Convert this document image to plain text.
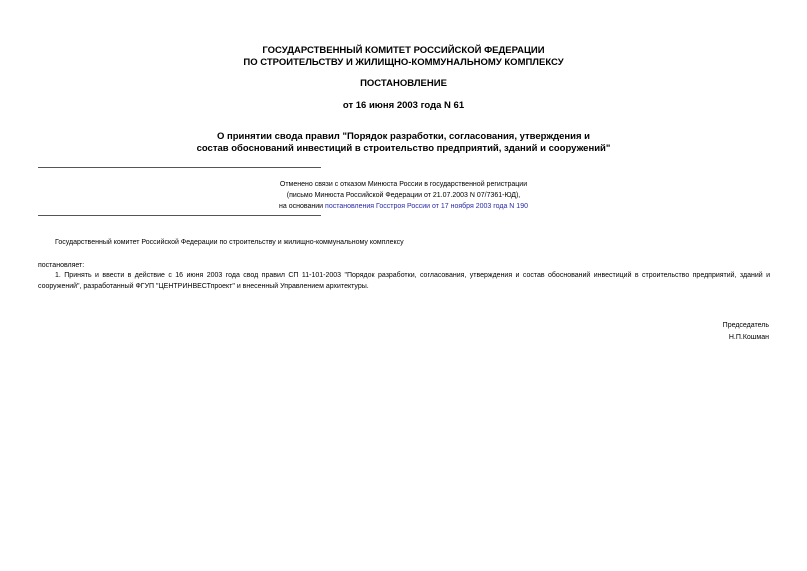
ГОСУДАРСТВЕННЫЙ КОМИТЕТ РОССИЙСКОЙ ФЕДЕРАЦИИ
ПО СТРОИТЕЛЬСТВУ И ЖИЛИЩНО-КОММУНАЛЬНОМУ КОМПЛЕКСУ
ПОСТАНОВЛЕНИЕ
от 16 июня 2003 года N 61
О принятии свода правил "Порядок разработки, согласования, утверждения и
состав обоснований инвестиций в строительство предприятий, зданий и сооружений"
Отменено связи с отказом Минюста России в государственной регистрации
(письмо Минюста Российской Федерации от 21.07.2003 N 07/7361-ЮД),
на основании постановления Госстроя России от 17 ноября 2003 года N 190
Государственный комитет Российской Федерации по строительству и жилищно-коммунальному комплексу
постановляет:
1. Принять и ввести в действие с 16 июня 2003 года свод правил СП 11-101-2003 "Порядок разработки, согласования, утверждения и состав обоснований инвестиций в строительство предприятий, зданий и сооружений", разработанный ФГУП "ЦЕНТРИНВЕСТпроект" и внесенный Управлением архитектуры.
Председатель
Н.П.Кошман
